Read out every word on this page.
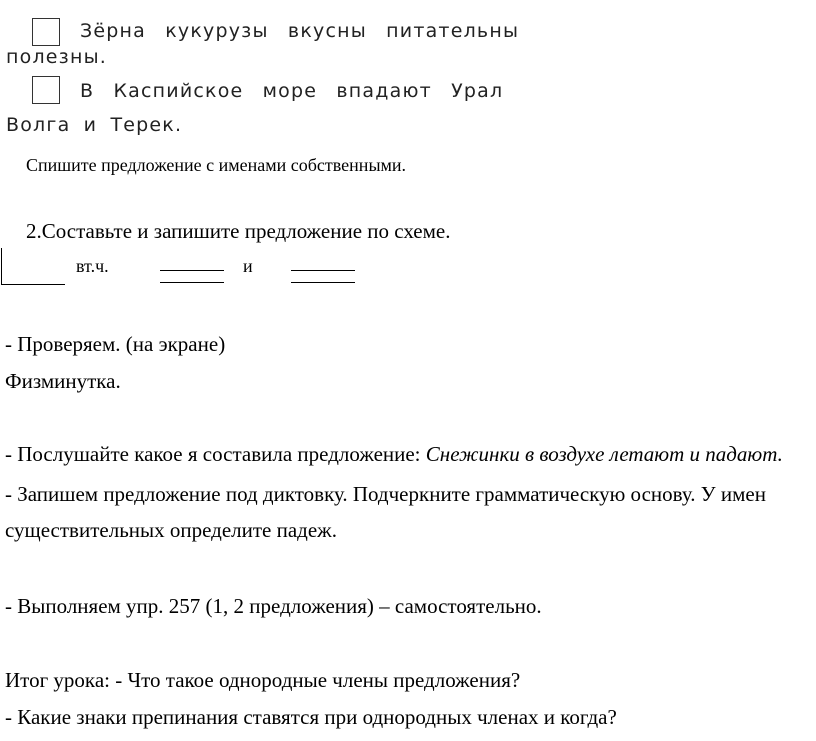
Зёрна кукурузы вкусны питательны
полезны.
В Каспийское море впадают Урал
Волга и Терек.
Спишите предложение с именами собственными.
2.Составьте и запишите предложение по схеме.
вт.ч.	и
- Проверяем. (на экране)
Физминутка.
- Послушайте какое я составила предложение: Снежинки в воздухе летают и падают.
- Запишем предложение под диктовку. Подчеркните грамматическую основу. У имен
существительных определите падеж.
- Выполняем упр. 257 (1, 2 предложения) – самостоятельно.
Итог урока: - Что такое однородные члены предложения?
- Какие знаки препинания ставятся при однородных членах и когда?
